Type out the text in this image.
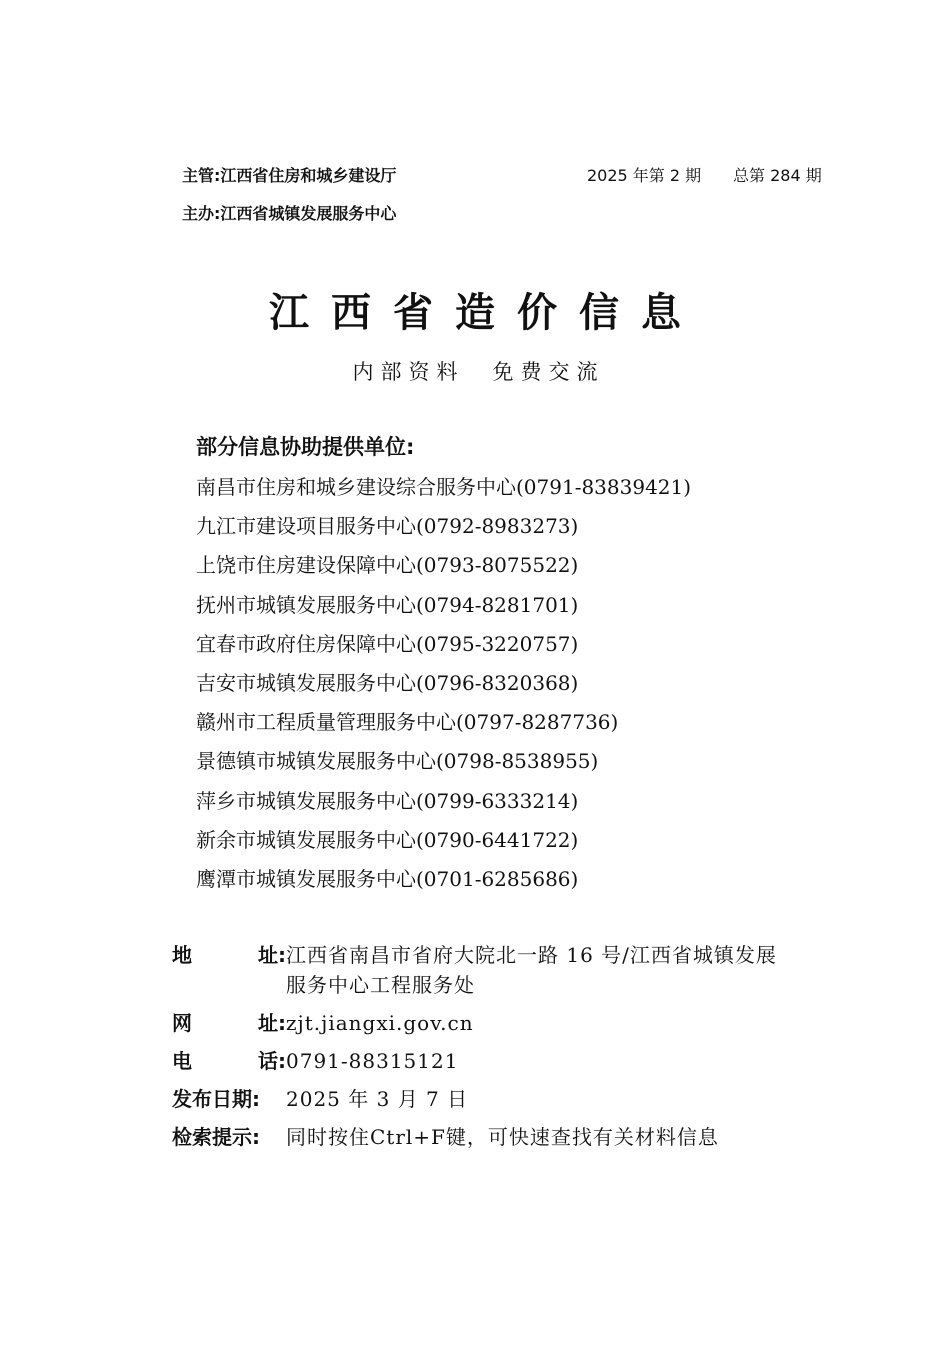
主管:江西省住房和城乡建设厅
主办:江西省城镇发展服务中心
2025 年第 2 期 总第 284 期
江西省造价信息
内部资料　免费交流
部分信息协助提供单位:
南昌市住房和城乡建设综合服务中心(0791-83839421)
九江市建设项目服务中心(0792-8983273)
上饶市住房建设保障中心(0793-8075522)
抚州市城镇发展服务中心(0794-8281701)
宜春市政府住房保障中心(0795-3220757)
吉安市城镇发展服务中心(0796-8320368)
赣州市工程质量管理服务中心(0797-8287736)
景德镇市城镇发展服务中心(0798-8538955)
萍乡市城镇发展服务中心(0799-6333214)
新余市城镇发展服务中心(0790-6441722)
鹰潭市城镇发展服务中心(0701-6285686)
地	址: 江西省南昌市省府大院北一路 16 号/江西省城镇发展服务中心工程服务处
网	址: zjt.jiangxi.gov.cn
电	话: 0791-88315121
发布日期:	2025 年 3 月 7 日
检索提示:	同时按住Ctrl+F键，可快速查找有关材料信息
